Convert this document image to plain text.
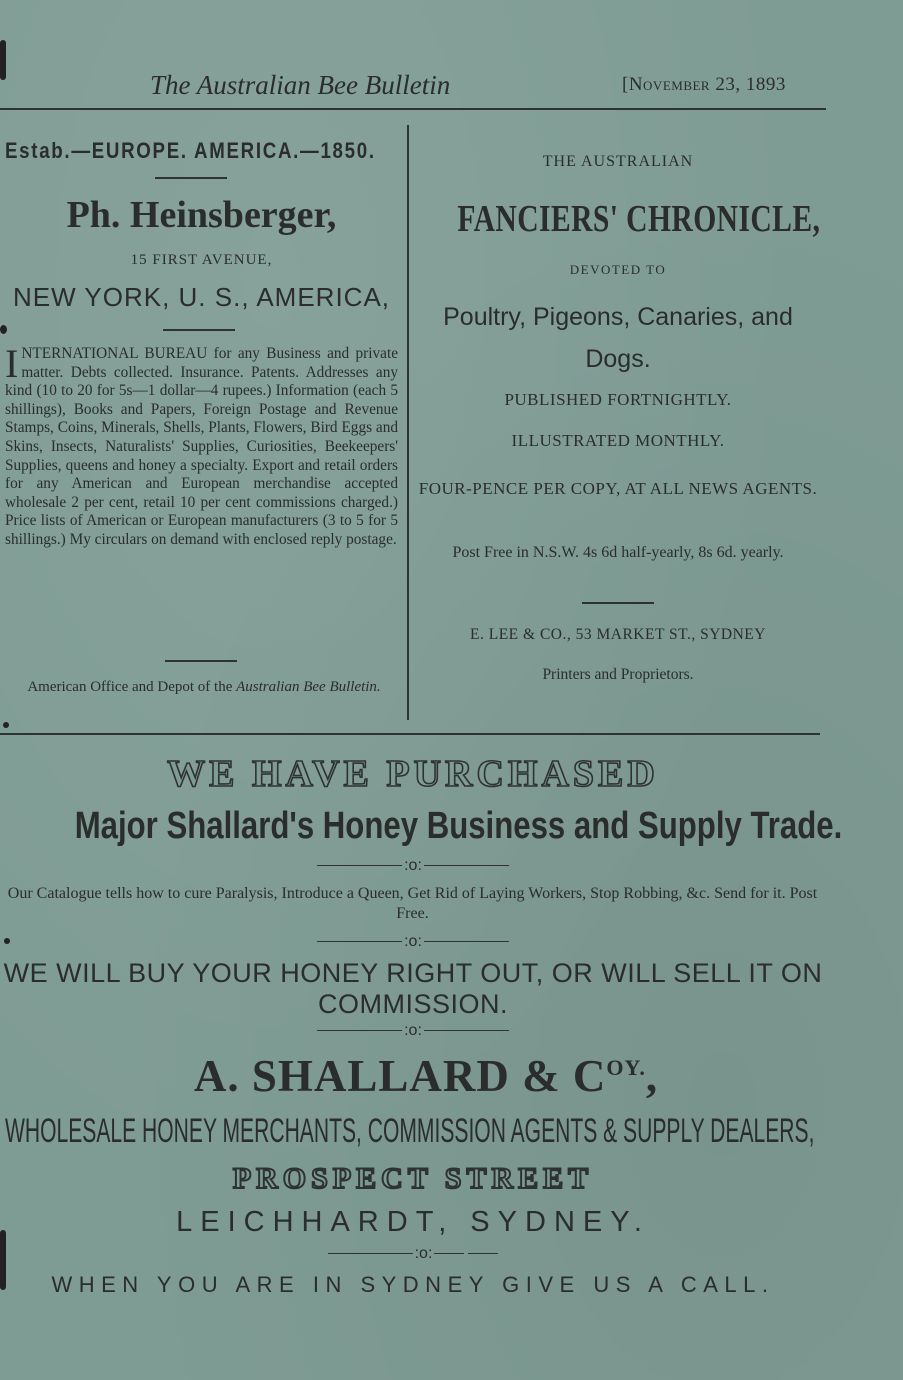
The Australian Bee Bulletin	[November 23, 1893
Estab.—EUROPE. AMERICA.—1850.
Ph. Heinsberger,
15 FIRST AVENUE,
NEW YORK, U. S., AMERICA,
INTERNATIONAL BUREAU for any Business and private matter. Debts collected. Insurance. Patents. Addresses any kind (10 to 20 for 5s—1 dollar—4 rupees.) Information (each 5 shillings), Books and Papers, Foreign Postage and Revenue Stamps, Coins, Minerals, Shells, Plants, Flowers, Bird Eggs and Skins, Insects, Naturalists' Supplies, Curiosities, Beekeepers' Supplies, queens and honey a specialty. Export and retail orders for any American and European merchandise accepted wholesale 2 per cent, retail 10 per cent commissions charged.) Price lists of American or European manufacturers (3 to 5 for 5 shillings.) My circulars on demand with enclosed reply postage.
American Office and Depot of the Australian Bee Bulletin.
THE AUSTRALIAN
FANCIERS' CHRONICLE,
DEVOTED TO
Poultry, Pigeons, Canaries, and Dogs.
PUBLISHED FORTNIGHTLY.
ILLUSTRATED MONTHLY.
FOUR-PENCE PER COPY, AT ALL NEWS AGENTS.
Post Free in N.S.W. 4s 6d half-yearly, 8s 6d. yearly.
E. LEE & CO., 53 MARKET ST., SYDNEY
Printers and Proprietors.
WE HAVE PURCHASED
Major Shallard's Honey Business and Supply Trade.
:o:
Our Catalogue tells how to cure Paralysis, Introduce a Queen, Get Rid of Laying Workers, Stop Robbing, &c. Send for it. Post Free.
:o:
WE WILL BUY YOUR HONEY RIGHT OUT, OR WILL SELL IT ON COMMISSION.
:o:
A. SHALLARD & $C^{OY.}$,
WHOLESALE HONEY MERCHANTS, COMMISSION AGENTS & SUPPLY DEALERS,
PROSPECT STREET
LEICHHARDT, SYDNEY.
:o:
WHEN YOU ARE IN SYDNEY GIVE US A CALL.
